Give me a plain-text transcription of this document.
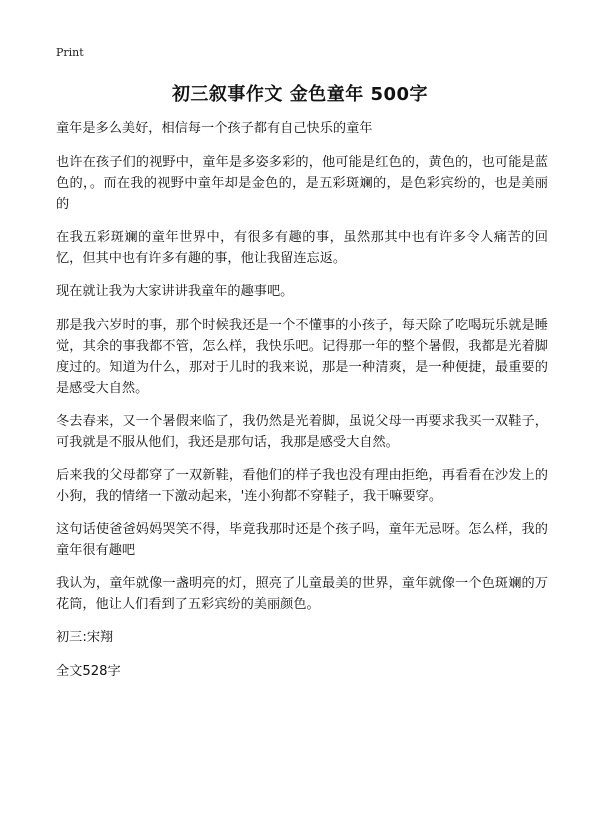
Print
初三叙事作文 金色童年 500字

童年是多么美好，相信每一个孩子都有自己快乐的童年

也许在孩子们的视野中，童年是多姿多彩的，他可能是红色的，黄色的，也可能是蓝色的，。而在我的视野中童年却是金色的，是五彩斑斓的，是色彩宾纷的，也是美丽的

在我五彩斑斓的童年世界中，有很多有趣的事，虽然那其中也有许多令人痛苦的回忆，但其中也有许多有趣的事，他让我留连忘返。

现在就让我为大家讲讲我童年的趣事吧。

那是我六岁时的事，那个时候我还是一个不懂事的小孩子，每天除了吃喝玩乐就是睡觉，其余的事我都不管，怎么样，我快乐吧。记得那一年的整个暑假，我都是光着脚度过的。知道为什么，那对于儿时的我来说，那是一种清爽，是一种便捷，最重要的是感受大自然。

冬去春来，又一个暑假来临了，我仍然是光着脚，虽说父母一再要求我买一双鞋子，可我就是不服从他们，我还是那句话，我那是感受大自然。

后来我的父母都穿了一双新鞋，看他们的样子我也没有理由拒绝，再看看在沙发上的小狗，我的情绪一下激动起来，'连小狗都不穿鞋子，我干嘛要穿。

这句话使爸爸妈妈哭笑不得，毕竟我那时还是个孩子吗，童年无忌呀。怎么样，我的童年很有趣吧

我认为，童年就像一盏明亮的灯，照亮了儿童最美的世界，童年就像一个色斑斓的万花筒，他让人们看到了五彩宾纷的美丽颜色。

初三:宋翔

全文528字
